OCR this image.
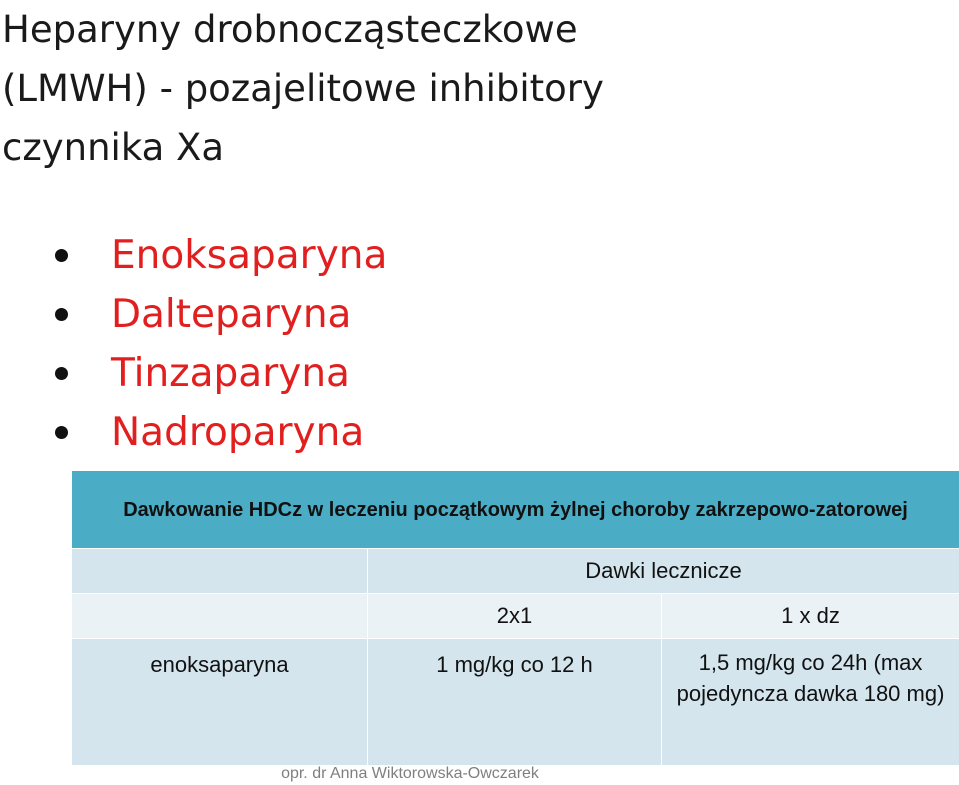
Heparyny drobnocząsteczkowe
(LMWH) - pozajelitowe inhibitory
czynnika Xa
Enoksaparyna
Dalteparyna
Tinzaparyna
Nadroparyna
Dawkowanie HDCz w leczeniu początkowym żylnej choroby zakrzepowo-zatorowej		
	Dawki lecznicze	
	2x1	1 x dz
enoksaparyna	1 mg/kg co 12 h	1,5 mg/kg co 24h (max pojedyncza dawka 180 mg)
opr. dr Anna Wiktorowska-Owczarek
